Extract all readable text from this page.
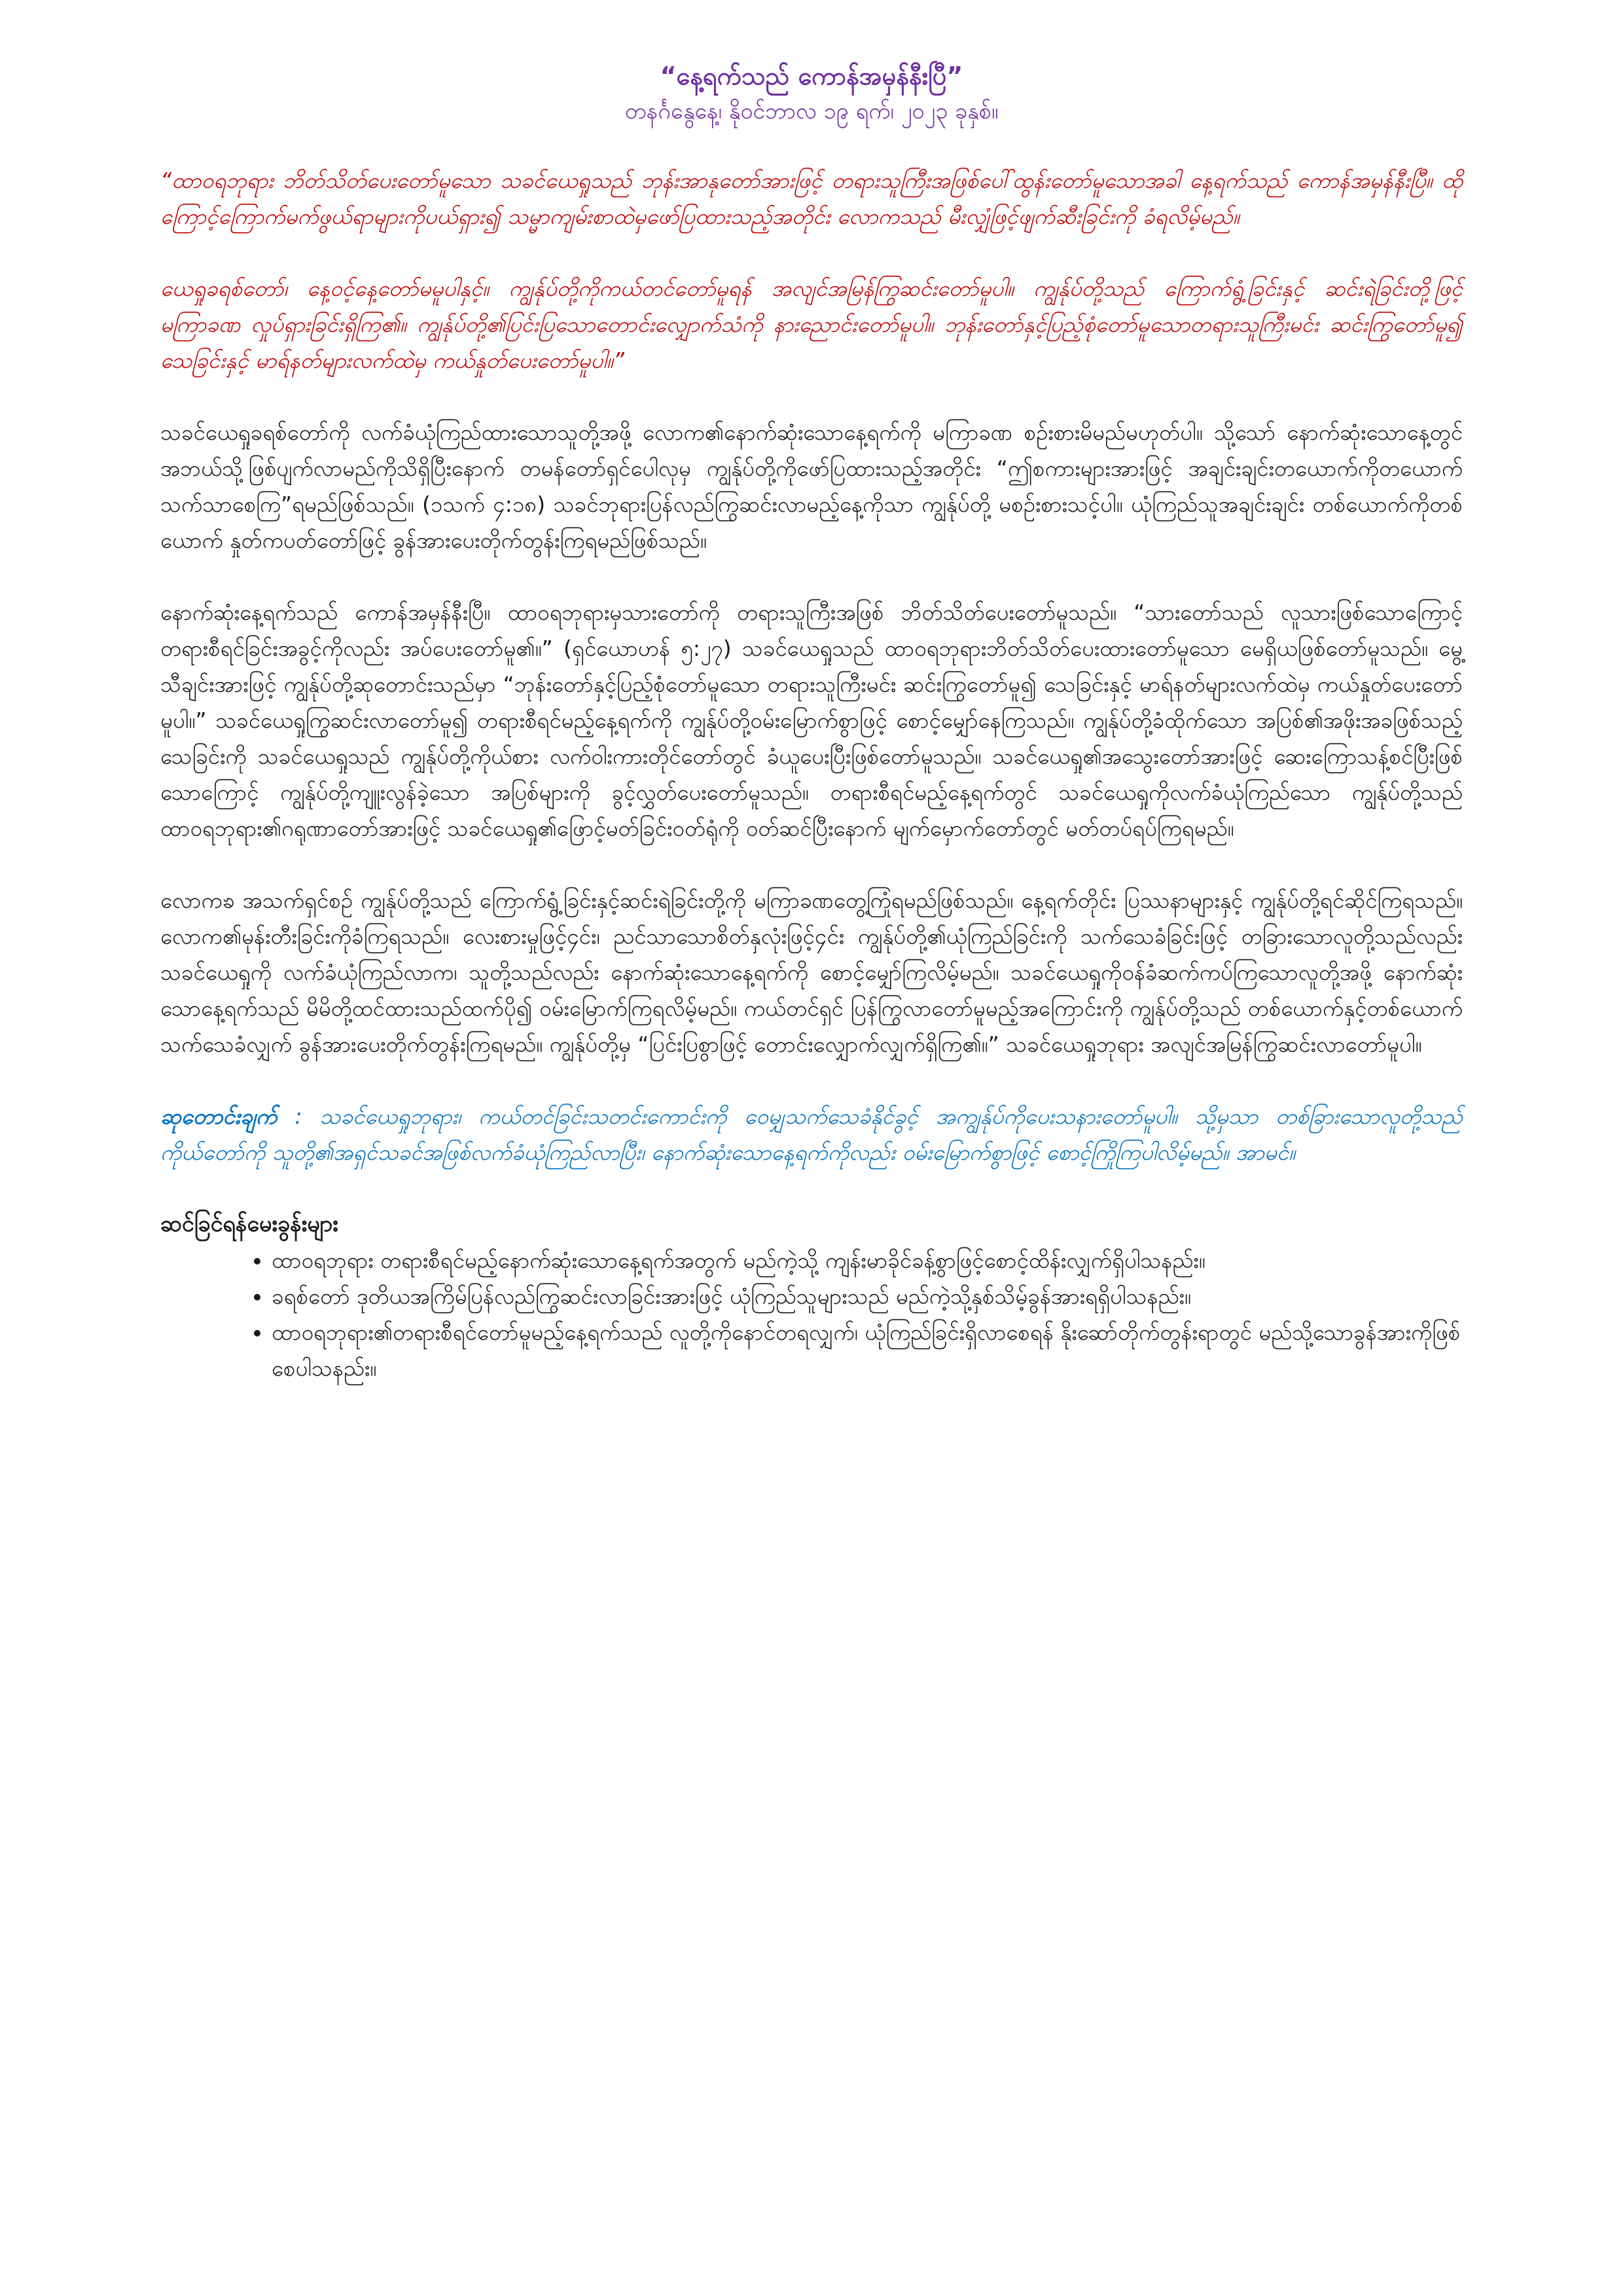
“နေ့ရက်သည် ကောန်အမှန်နီးပြီ”

တနင်္ဂနွေနေ့၊ နိုဝင်ဘာလ ၁၉ ရက်၊ ၂၀၂၃ ခုနှစ်။

“ထာဝရဘုရား ဘိတ်သိတ်ပေးတော်မူသော သခင်ယေရှုသည် ဘုန်းအာနုတော်အားဖြင့် တရားသူကြီးအဖြစ်ပေါ်ထွန်းတော်မူသောအခါ နေ့ရက်သည် ကောန်အမှန်နီးပြီ။ ထိုကြောင့်ကြောက်မက်ဖွယ်ရာများကိုပယ်ရှား၍ သမ္မာကျမ်းစာထဲမှဖော်ပြထားသည့်အတိုင်း လောကသည် မီးလျှံဖြင့်ဖျက်ဆီးခြင်းကို ခံရလိမ့်မည်။

ယေရှုခရစ်တော်၊ နေ့ဝင့်နေ့တော်မမူပါနှင့်။ ကျွန်ုပ်တို့ကိုကယ်တင်တော်မူရန် အလျင်အမြန်ကြွဆင်းတော်မူပါ။ ကျွန်ုပ်တို့သည် ကြောက်ရွံ့ခြင်းနှင့် ဆင်းရဲခြင်းတို့ဖြင့် မကြာခဏ လှုပ်ရှားခြင်းရှိကြ၏။ ကျွန်ုပ်တို့၏ပြင်းပြသောတောင်းလျှောက်သံကို နားညောင်းတော်မူပါ။ ဘုန်းတော်နှင့်ပြည့်စုံတော်မူသောတရားသူကြီးမင်း ဆင်းကြွတော်မူ၍ သေခြင်းနှင့် မာရ်နတ်များလက်ထဲမှ ကယ်နှုတ်ပေးတော်မူပါ။”

သခင်ယေရှုခရစ်တော်ကို လက်ခံယုံကြည်ထားသောသူတို့အဖို့ လောက၏နောက်ဆုံးသောနေ့ရက်ကို မကြာခဏ စဉ်းစားမိမည်မဟုတ်ပါ။ သို့သော် နောက်ဆုံးသောနေ့တွင် အဘယ်သို့ဖြစ်ပျက်လာမည်ကိုသိရှိပြီးနောက် တမန်တော်ရှင်ပေါလုမှ ကျွန်ုပ်တို့ကိုဖော်ပြထားသည့်အတိုင်း “ဤစကားများအားဖြင့် အချင်းချင်းတယောက်ကိုတယောက် သက်သာစေကြ”ရမည်ဖြစ်သည်။ (၁သက် ၄:၁၈) သခင်ဘုရားပြန်လည်ကြွဆင်းလာမည့်နေ့ကိုသာ ကျွန်ုပ်တို့ မစဉ်းစားသင့်ပါ။ ယုံကြည်သူအချင်းချင်း တစ်ယောက်ကိုတစ်ယောက် နှုတ်ကပတ်တော်ဖြင့် ခွန်အားပေးတိုက်တွန်းကြရမည်ဖြစ်သည်။

နောက်ဆုံးနေ့ရက်သည် ကောန်အမှန်နီးပြီ။ ထာဝရဘုရားမှသားတော်ကို တရားသူကြီးအဖြစ် ဘိတ်သိတ်ပေးတော်မူသည်။ “သားတော်သည် လူသားဖြစ်သောကြောင့် တရားစီရင်ခြင်းအခွင့်ကိုလည်း အပ်ပေးတော်မူ၏။” (ရှင်ယောဟန် ၅:၂၇) သခင်ယေရှုသည် ထာဝရဘုရားဘိတ်သိတ်ပေးထားတော်မူသော မေရှိယဖြစ်တော်မူသည်။ မွေ့သီချင်းအားဖြင့် ကျွန်ုပ်တို့ဆုတောင်းသည်မှာ “ဘုန်းတော်နှင့်ပြည့်စုံတော်မူသော တရားသူကြီးမင်း ဆင်းကြွတော်မူ၍ သေခြင်းနှင့် မာရ်နတ်များလက်ထဲမှ ကယ်နှုတ်ပေးတော်မူပါ။” သခင်ယေရှုကြွဆင်းလာတော်မူ၍ တရားစီရင်မည့်နေ့ရက်ကို ကျွန်ုပ်တို့ဝမ်းမြောက်စွာဖြင့် စောင့်မျှော်နေကြသည်။ ကျွန်ုပ်တို့ခံထိုက်သော အပြစ်၏အဖိုးအခဖြစ်သည့်သေခြင်းကို သခင်ယေရှုသည် ကျွန်ုပ်တို့ကိုယ်စား လက်ဝါးကားတိုင်တော်တွင် ခံယူပေးပြီးဖြစ်တော်မူသည်။ သခင်ယေရှု၏အသွေးတော်အားဖြင့် ဆေးကြောသန့်စင်ပြီးဖြစ်သောကြောင့် ကျွန်ုပ်တို့ကျူးလွန်ခဲ့သော အပြစ်များကို ခွင့်လွှတ်ပေးတော်မူသည်။ တရားစီရင်မည့်နေ့ရက်တွင် သခင်ယေရှုကိုလက်ခံယုံကြည်သော ကျွန်ုပ်တို့သည် ထာဝရဘုရား၏ဂရုဏာတော်အားဖြင့် သခင်ယေရှု၏ဖြောင့်မတ်ခြင်းဝတ်ရုံကို ဝတ်ဆင်ပြီးနောက် မျက်မှောက်တော်တွင် မတ်တပ်ရပ်ကြရမည်။

လောကၶ အသက်ရှင်စဉ် ကျွန်ုပ်တို့သည် ကြောက်ရွံ့ခြင်းနှင့်ဆင်းရဲခြင်းတို့ကို မကြာခဏတွေ့ကြုံရမည်ဖြစ်သည်။ နေ့ရက်တိုင်း ပြဿနာများနှင့် ကျွန်ုပ်တို့ရင်ဆိုင်ကြရသည်။ လောက၏မုန်းတီးခြင်းကိုခံကြရသည်။ လေးစားမှုဖြင့်၄င်း၊ ညင်သာသောစိတ်နှလုံးဖြင့်၄င်း ကျွန်ုပ်တို့၏ယုံကြည်ခြင်းကို သက်သေခံခြင်းဖြင့် တခြားသောလူတို့သည်လည်း သခင်ယေရှုကို လက်ခံယုံကြည်လာက၊ သူတို့သည်လည်း နောက်ဆုံးသောနေ့ရက်ကို စောင့်မျှော်ကြလိမ့်မည်။ သခင်ယေရှုကိုဝန်ခံဆက်ကပ်ကြသောလူတို့အဖို့ နောက်ဆုံးသောနေ့ရက်သည် မိမိတို့ထင်ထားသည်ထက်ပို၍ ဝမ်းမြောက်ကြရလိမ့်မည်။ ကယ်တင်ရှင် ပြန်ကြွလာတော်မူမည့်အကြောင်းကို ကျွန်ုပ်တို့သည် တစ်ယောက်နှင့်တစ်ယောက် သက်သေခံလျှက် ခွန်အားပေးတိုက်တွန်းကြရမည်။ ကျွန်ုပ်တို့မှ “ပြင်းပြစွာဖြင့် တောင်းလျှောက်လျှက်ရှိကြ၏။” သခင်ယေရှုဘုရား အလျင်အမြန်ကြွဆင်းလာတော်မူပါ။

ဆုတောင်းချက် : သခင်ယေရှုဘုရား၊ ကယ်တင်ခြင်းသတင်းကောင်းကို ဝေမျှသက်သေခံနိုင်ခွင့် အကျွန်ုပ်ကိုပေးသနားတော်မူပါ။ သို့မှသာ တစ်ခြားသောလူတို့သည် ကိုယ်တော်ကို သူတို့၏အရှင်သခင်အဖြစ်လက်ခံယုံကြည်လာပြီး၊ နောက်ဆုံးသောနေ့ရက်ကိုလည်း ဝမ်းမြောက်စွာဖြင့် စောင့်ကြိုကြပါလိမ့်မည်။ အာမင်။

ဆင်ခြင်ရန်မေးခွန်းများ

• ထာဝရဘုရား တရားစီရင်မည့်နောက်ဆုံးသောနေ့ရက်အတွက် မည်ကဲ့သို့ ကျန်းမာခိုင်ခန့်စွာဖြင့်စောင့်ထိန်းလျှက်ရှိပါသနည်း။
• ခရစ်တော် ဒုတိယအကြိမ်ပြန်လည်ကြွဆင်းလာခြင်းအားဖြင့် ယုံကြည်သူများသည် မည်ကဲ့သို့နှစ်သိမ့်ခွန်အားရရှိပါသနည်း။
• ထာဝရဘုရား၏တရားစီရင်တော်မူမည့်နေ့ရက်သည် လူတို့ကိုနောင်တရလျှက်၊ ယုံကြည်ခြင်းရှိလာစေရန် နိုးဆော်တိုက်တွန်းရာတွင် မည်သို့သောခွန်အားကိုဖြစ်စေပါသနည်း။
